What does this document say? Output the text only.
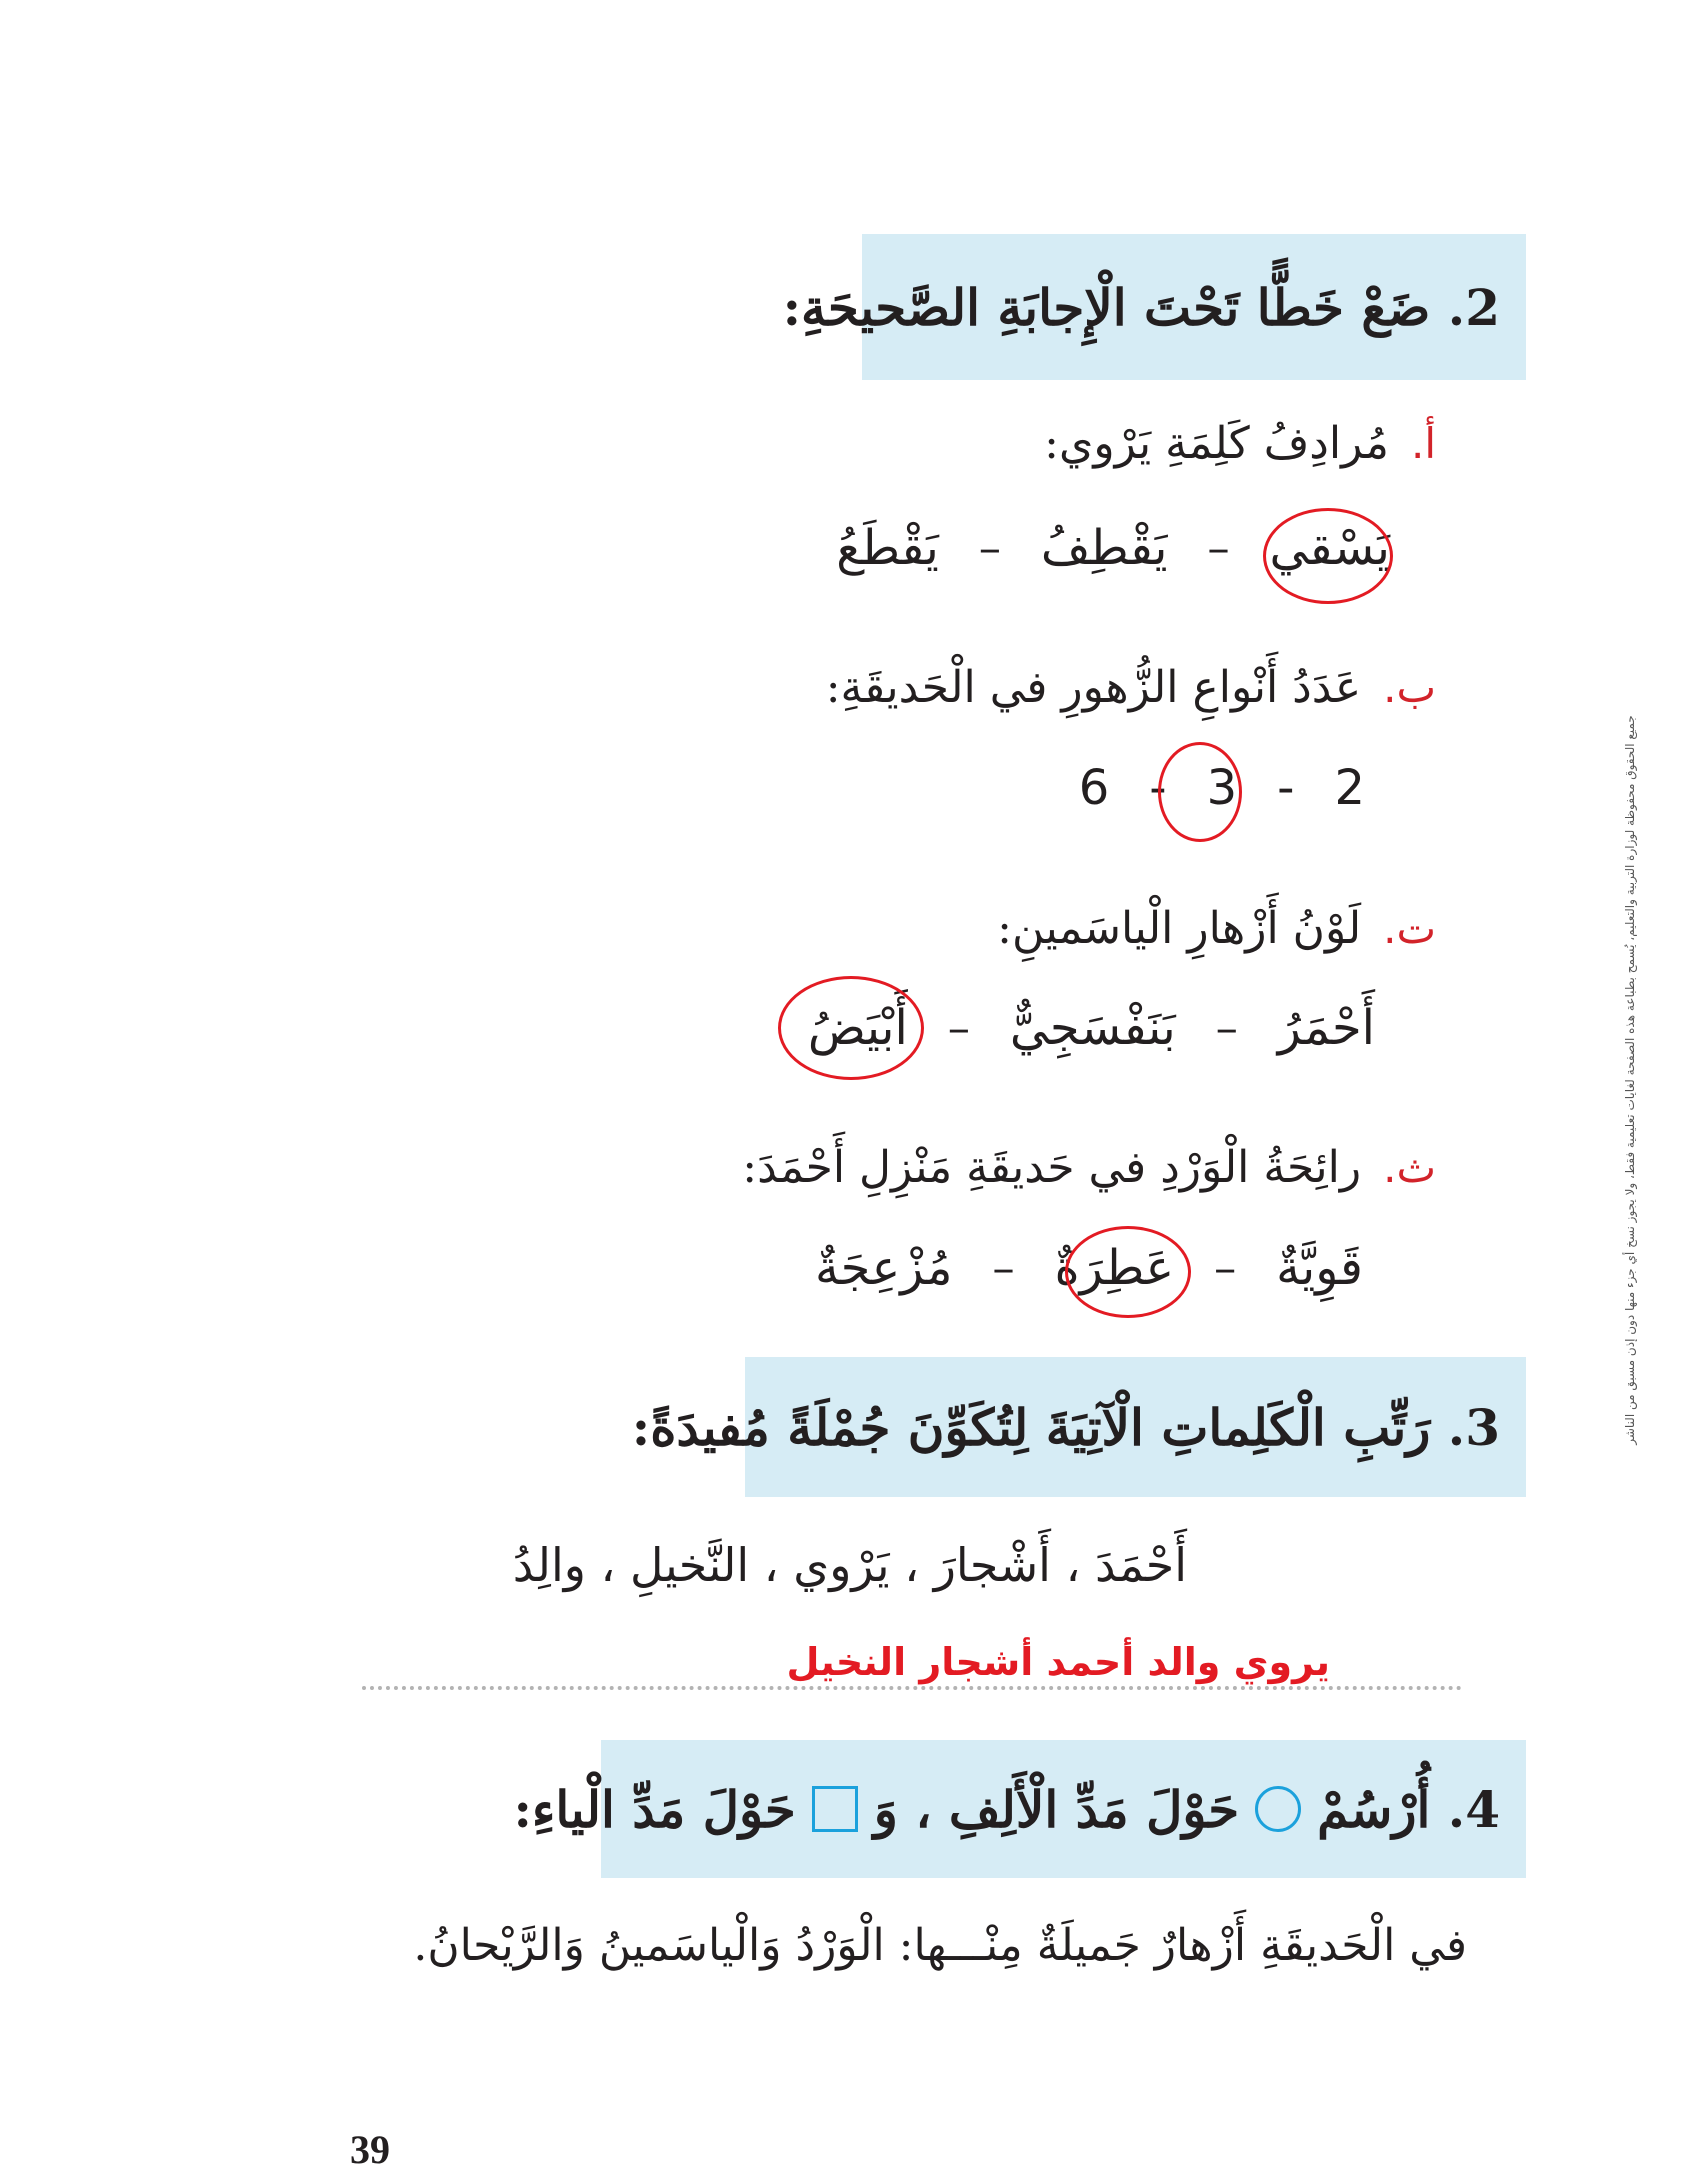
2. ضَعْ خَطًّا تَحْتَ الْإِجابَةِ الصَّحيحَةِ:
أ.
مُرادِفُ كَلِمَةِ يَرْوي:
يَسْقي
–
يَقْطِفُ
–
يَقْطَعُ
ب.
عَدَدُ أَنْواعِ الزُّهورِ في الْحَديقَةِ:
2
-
3
-
6
ت.
لَوْنُ أَزْهارِ الْياسَمينِ:
أَحْمَرُ
–
بَنَفْسَجِيٌّ
–
أَبْيَضُ
ث.
رائِحَةُ الْوَرْدِ في حَديقَةِ مَنْزِلِ أَحْمَدَ:
قَوِيَّةٌ
–
عَطِرَةٌ
–
مُزْعِجَةٌ
3. رَتِّبِ الْكَلِماتِ الْآتِيَةَ لِتُكَوِّنَ جُمْلَةً مُفيدَةً:
أَحْمَدَ ، أَشْجارَ ، يَرْوي ، النَّخيلِ ، والِدُ
يروي والد أحمد أشجار النخيل
4. أُرْسُمْ
حَوْلَ مَدِّ الْأَلِفِ ، وَ
حَوْلَ مَدِّ الْياءِ:
في الْحَديقَةِ أَزْهارٌ جَميلَةٌ مِنْـــها: الْوَرْدُ وَالْياسَمينُ وَالرَّيْحانُ.
جميع الحقوق محفوظة لوزارة التربية والتعليم، يُسمح بطباعة هذه الصفحة لغايات تعليمية فقط، ولا يجوز نسخ أي جزء منها دون إذن مسبق من الناشر
39
